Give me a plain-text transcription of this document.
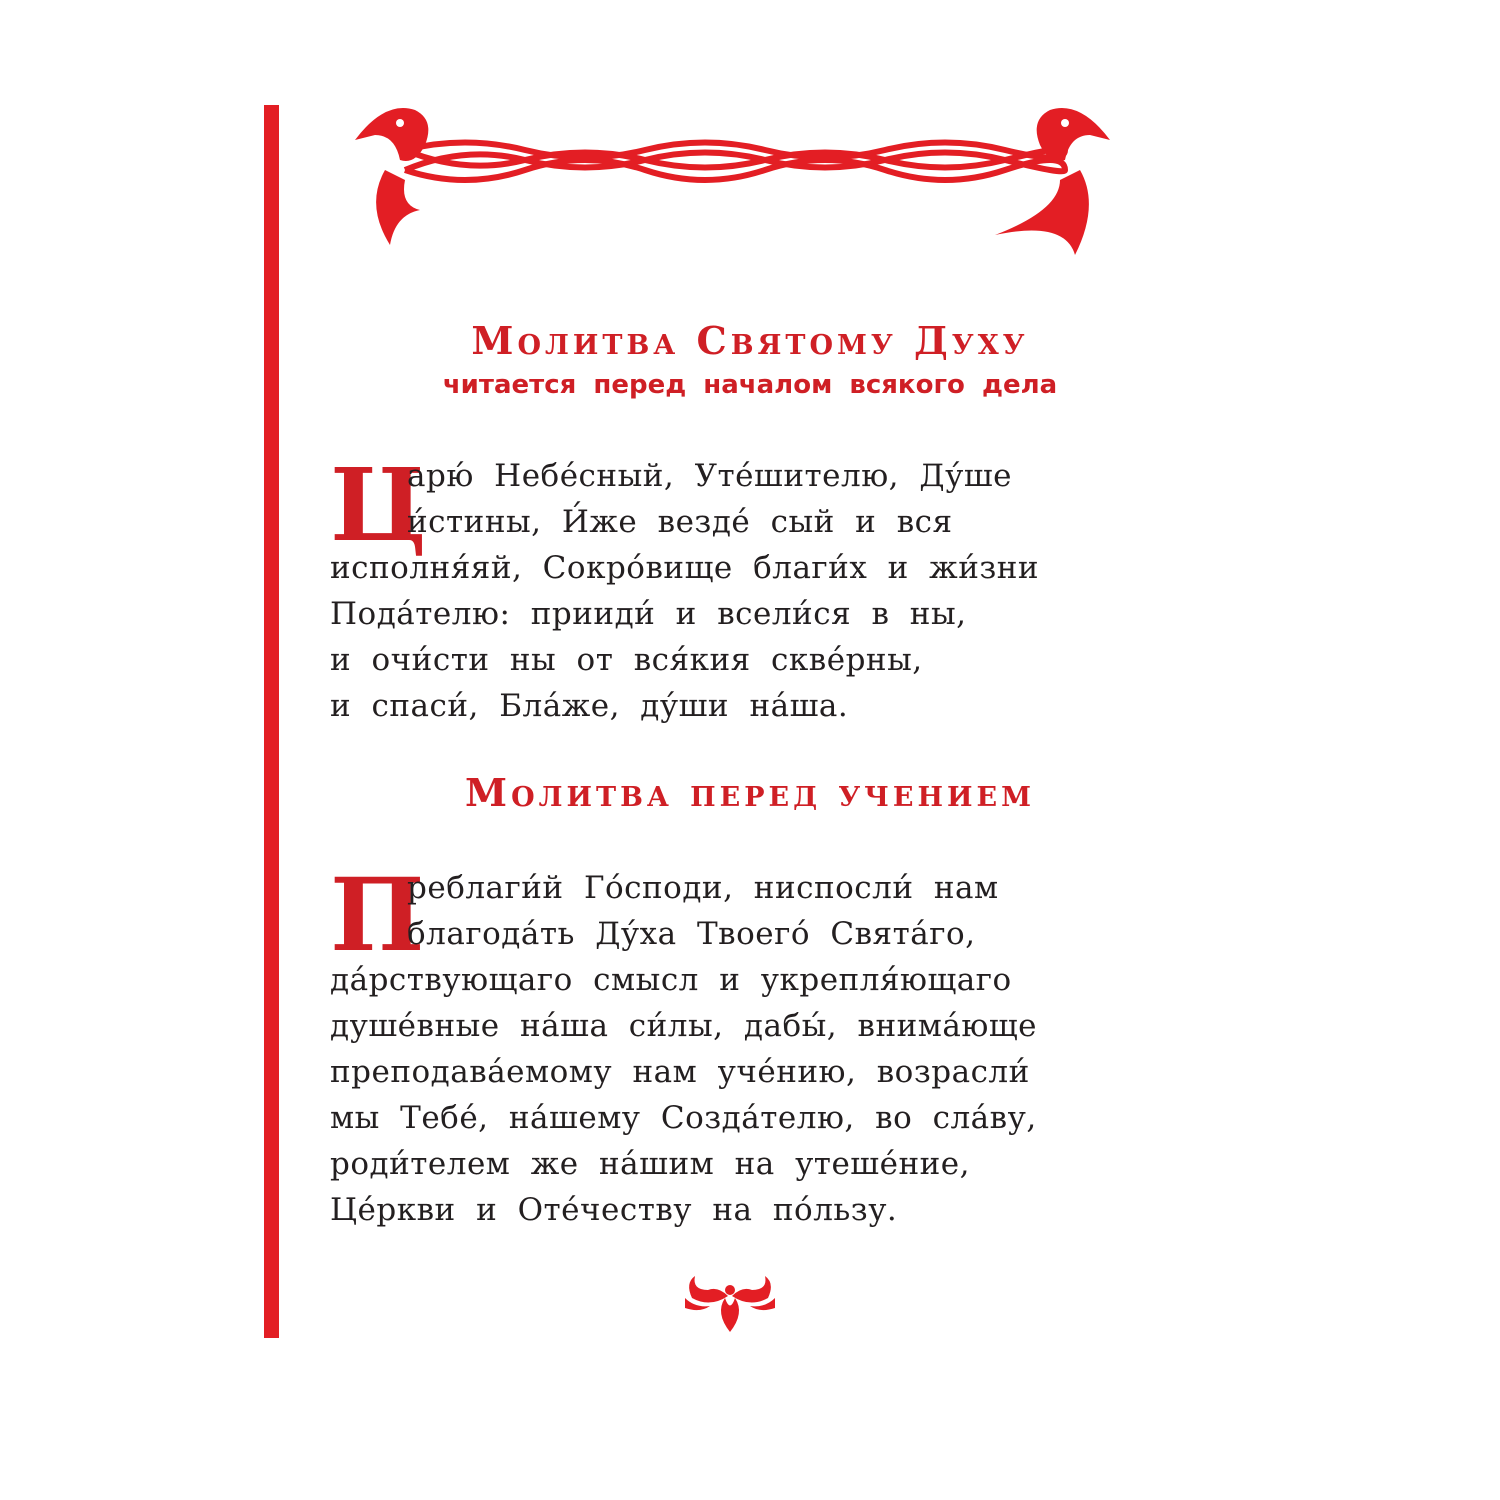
Молитва Святому Духу
читается перед началом всякого дела
Ц
арю́ Небе́сный, Уте́шителю, Ду́ше
и́стины, И́же везде́ сый и вся
исполня́яй, Сокро́вище благи́х и жи́зни
Пода́телю: прииди́ и всели́ся в ны,
и очи́сти ны от вся́кия скве́рны,
и спаси́, Бла́же, ду́ши на́ша.
Молитва перед учением
П
реблаги́й Го́споди, ниспосли́ нам
благода́ть Ду́ха Твоего́ Свята́го,
да́рствующаго смысл и укрепля́ющаго
душе́вные на́ша си́лы, дабы́, внима́юще
преподава́емому нам уче́нию, возрасли́
мы Тебе́, на́шему Созда́телю, во сла́ву,
роди́телем же на́шим на утеше́ние,
Це́ркви и Оте́честву на по́льзу.
